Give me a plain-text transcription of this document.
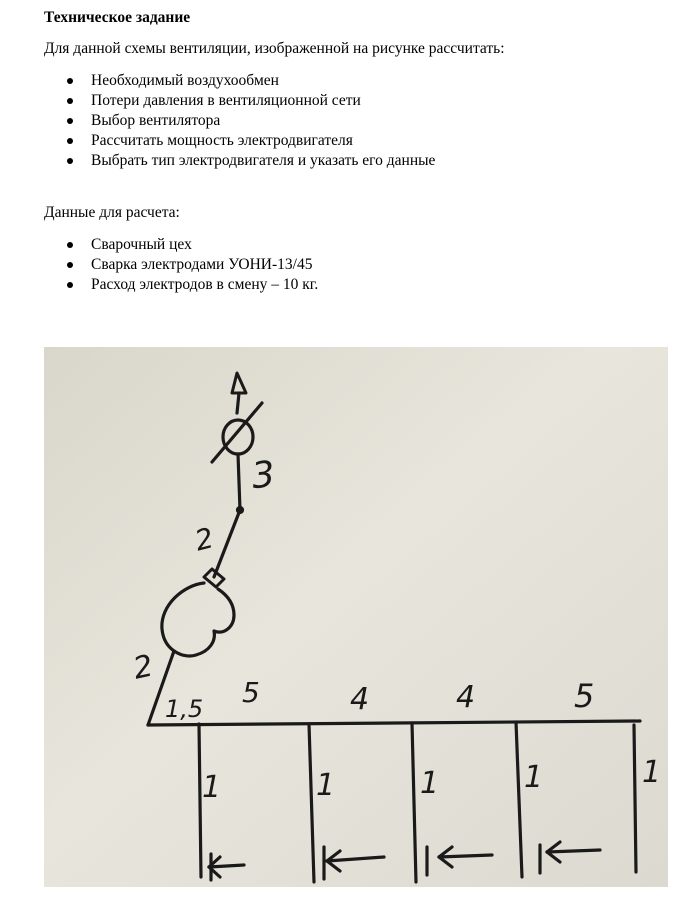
Техническое задание
Для данной схемы вентиляции, изображенной на рисунке рассчитать:
Необходимый воздухообмен
Потери давления в вентиляционной сети
Выбор вентилятора
Рассчитать мощность электродвигателя
Выбрать тип электродвигателя и указать его данные
Данные для расчета:
Сварочный цех
Сварка электродами УОНИ-13/45
Расход электродов в смену – 10 кг.
3
2
2
1,5 5	4	4	5
1	1	1	1	1
